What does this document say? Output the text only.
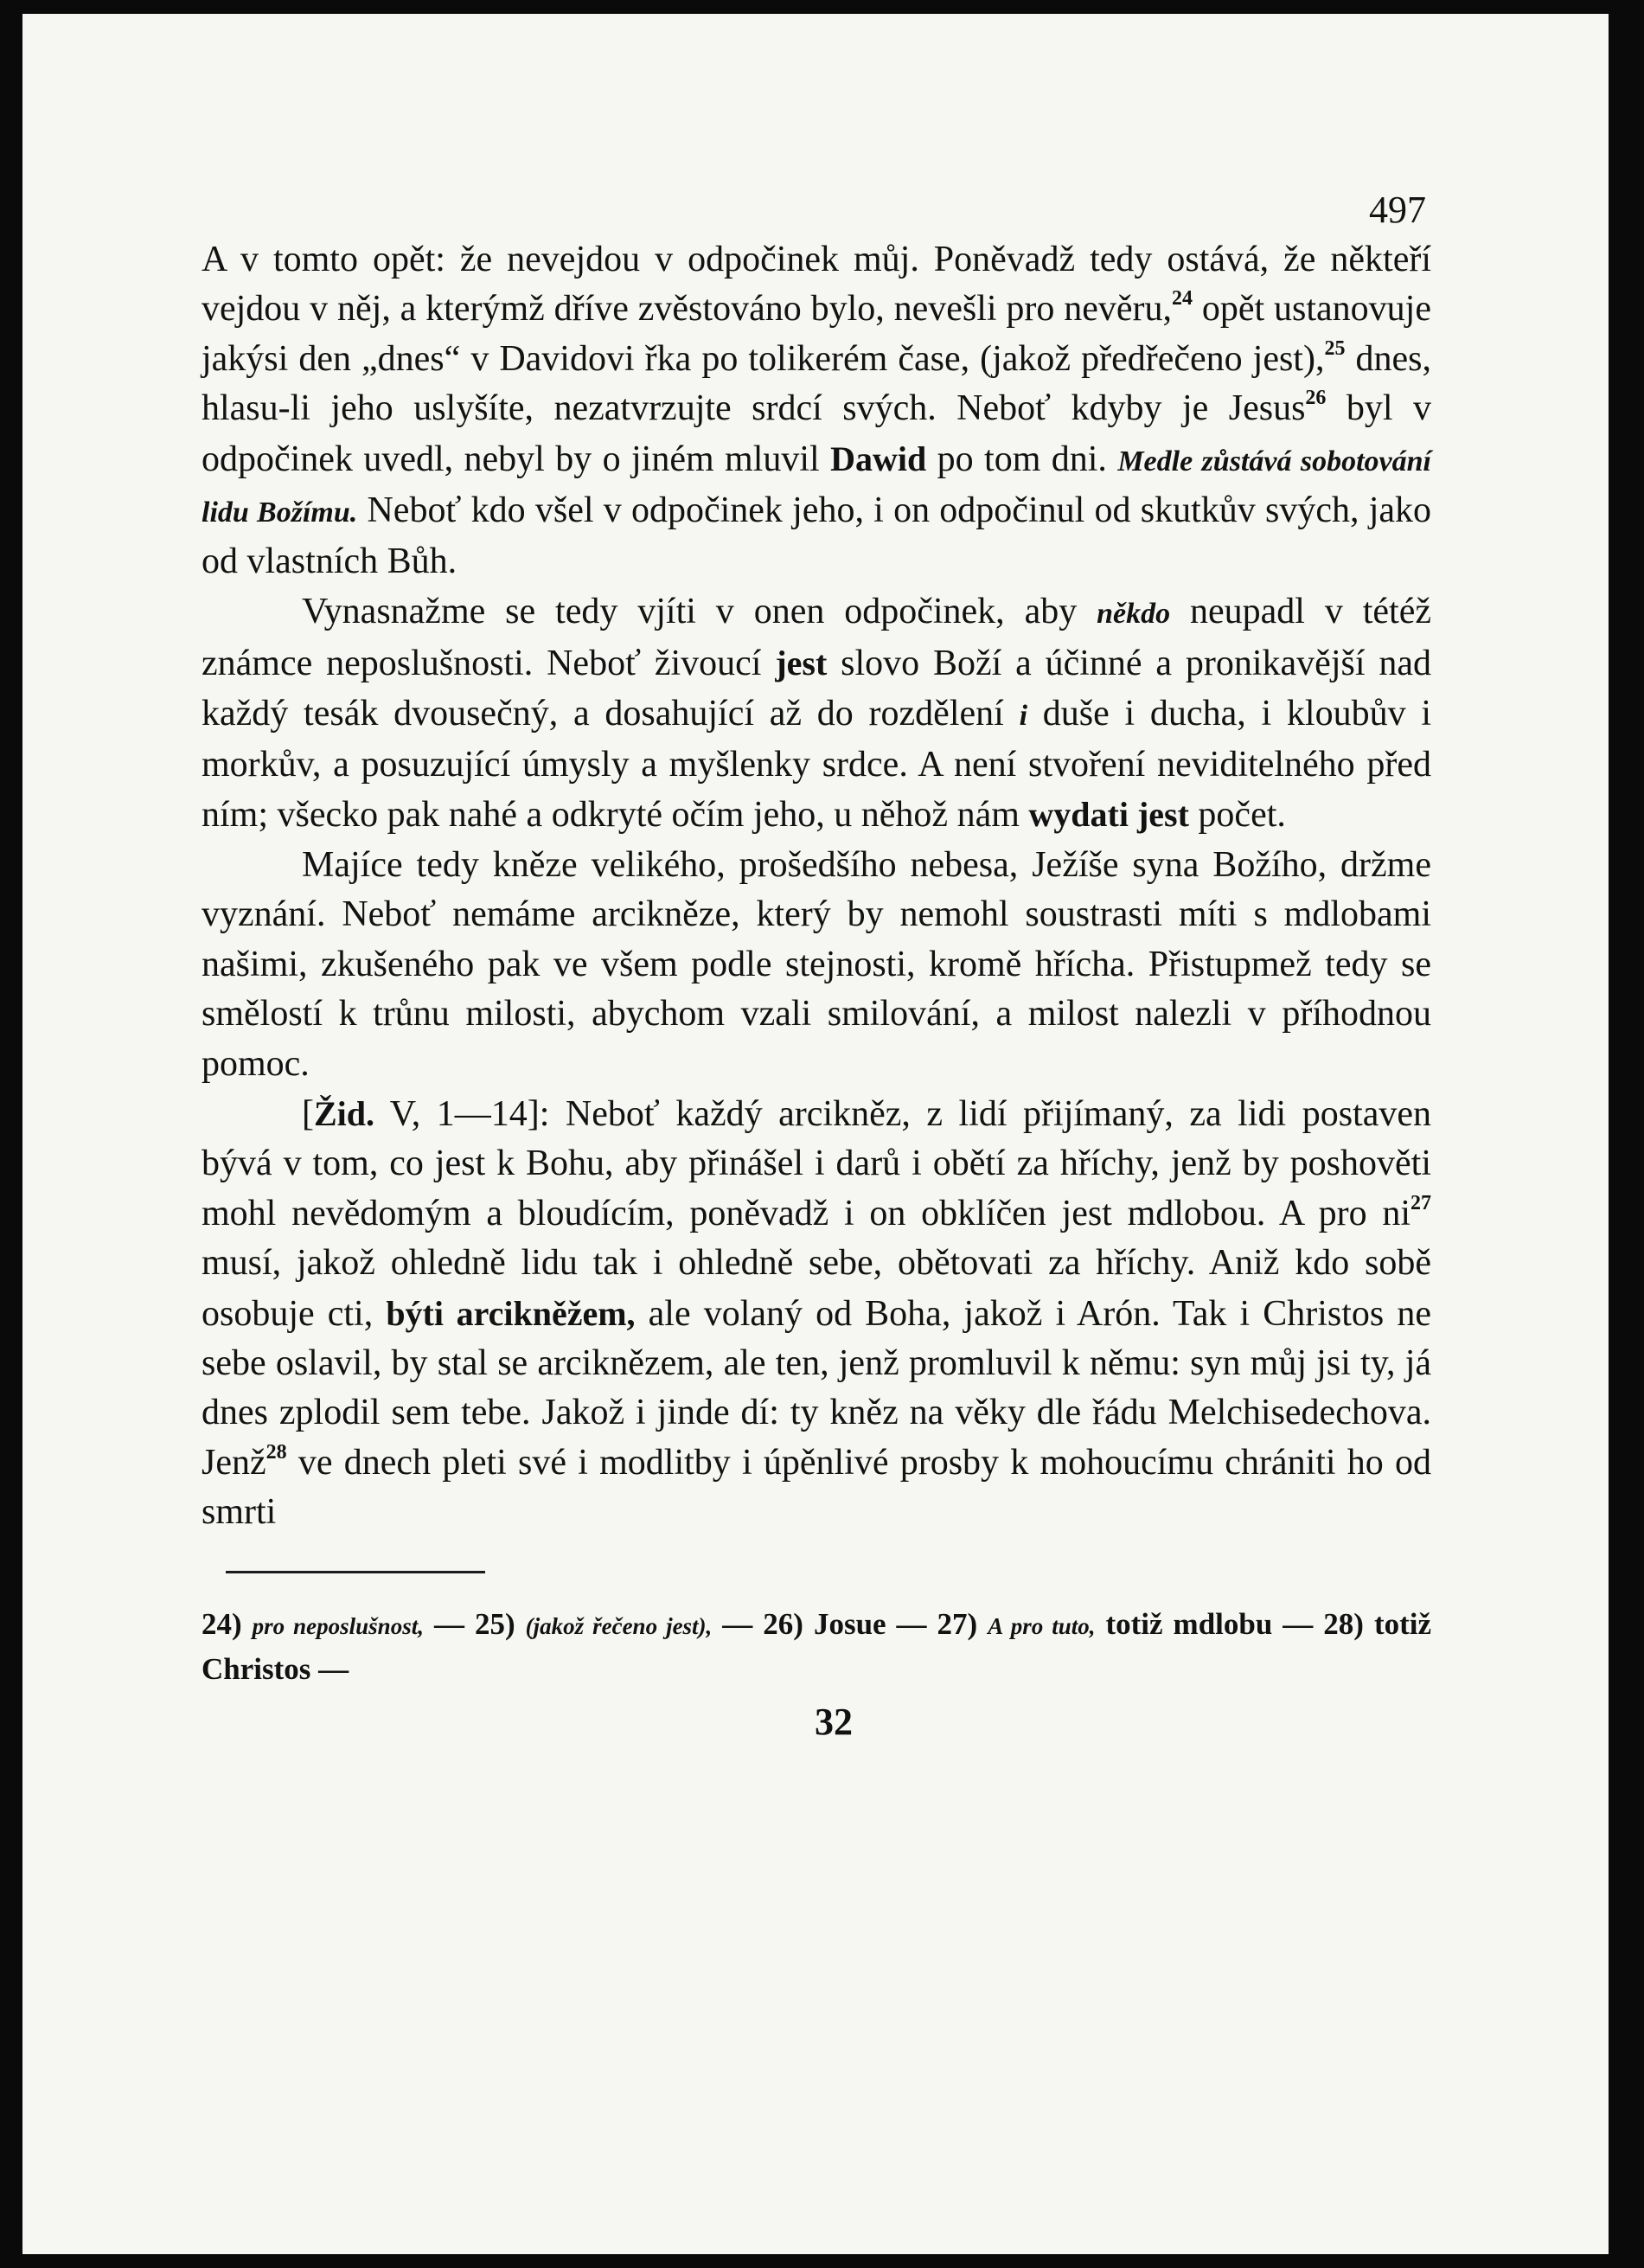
497

A v tomto opět: že nevejdou v odpočinek můj. Poněvadž tedy ostává, že někteří vejdou v něj, a kterýmž dříve zvěstováno bylo, nevešli pro nevěru,$^{24}$ opět ustanovuje jakýsi den „dnes“ v Davidovi řka po tolikerém čase, (jakož předřečeno jest),$^{25}$ dnes, hlasu-li jeho uslyšíte, nezatvrzujte srdcí svých. Neboť kdyby je Jesus$^{26}$ byl v odpočinek uvedl, nebyl by o jiném mluvil Dawid po tom dni. Medle zůstává sobotování lidu Božímu. Neboť kdo všel v odpočinek jeho, i on odpočinul od skutkův svých, jako od vlastních Bůh.

Vynasnažme se tedy vjíti v onen odpočinek, aby někdo neupadl v tétéž známce neposlušnosti. Neboť živoucí jest slovo Boží a účinné a pronikavější nad každý tesák dvousečný, a dosahující až do rozdělení i duše i ducha, i kloubův i morkův, a posuzující úmysly a myšlenky srdce. A není stvoření neviditelného před ním; všecko pak nahé a odkryté očím jeho, u něhož nám wydati jest počet.

Majíce tedy kněze velikého, prošedšího nebesa, Ježíše syna Božího, držme vyznání. Neboť nemáme arcikněze, který by nemohl soustrasti míti s mdlobami našimi, zkušeného pak ve všem podle stejnosti, kromě hřícha. Přistupmež tedy se smělostí k trůnu milosti, abychom vzali smilování, a milost nalezli v příhodnou pomoc.

[Žid. V, 1—14]: Neboť každý arcikněz, z lidí přijímaný, za lidi postaven bývá v tom, co jest k Bohu, aby přinášel i darů i obětí za hříchy, jenž by poshověti mohl nevědomým a bloudícím, poněvadž i on obklíčen jest mdlobou. A pro $ni^{27}$ musí, jakož ohledně lidu tak i ohledně sebe, obětovati za hříchy. Aniž kdo sobě osobuje cti, býti arcikněžem, ale volaný od Boha, jakož i Arón. Tak i Christos ne sebe oslavil, by stal se arciknězem, ale ten, jenž promluvil k němu: syn můj jsi ty, já dnes zplodil sem tebe. Jakož i jinde dí: ty kněz na věky dle řádu Melchisedechova. Jenž$^{28}$ ve dnech pleti své i modlitby i úpěnlivé prosby k mohoucímu chrániti ho od smrti

24) pro neposlušnost, — 25) (jakož řečeno jest), — 26) Josue — 27) A pro tuto, totiž mdlobu — 28) totiž Christos —

32
